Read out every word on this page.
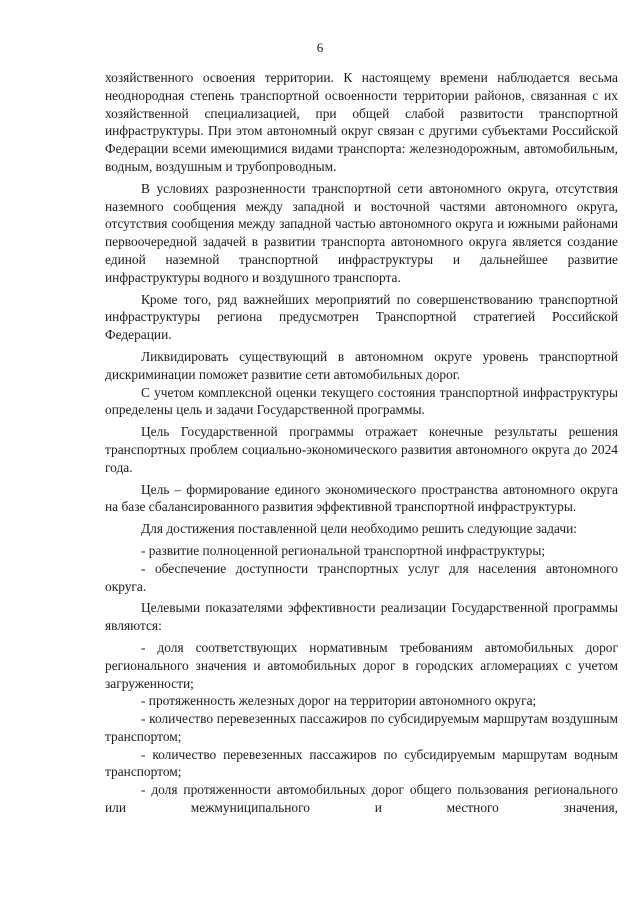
6

хозяйственного освоения территории. К настоящему времени наблюдается весьма неоднородная степень транспортной освоенности территории районов, связанная с их хозяйственной специализацией, при общей слабой развитости транспортной инфраструктуры. При этом автономный округ связан с другими субъектами Российской Федерации всеми имеющимися видами транспорта: железнодорожным, автомобильным, водным, воздушным и трубопроводным.

В условиях разрозненности транспортной сети автономного округа, отсутствия наземного сообщения между западной и восточной частями автономного округа, отсутствия сообщения между западной частью автономного округа и южными районами первоочередной задачей в развитии транспорта автономного округа является создание единой наземной транспортной инфраструктуры и дальнейшее развитие инфраструктуры водного и воздушного транспорта.

Кроме того, ряд важнейших мероприятий по совершенствованию транспортной инфраструктуры региона предусмотрен Транспортной стратегией Российской Федерации.

Ликвидировать существующий в автономном округе уровень транспортной дискриминации поможет развитие сети автомобильных дорог.

С учетом комплексной оценки текущего состояния транспортной инфраструктуры определены цель и задачи Государственной программы.

Цель Государственной программы отражает конечные результаты решения транспортных проблем социально-экономического развития автономного округа до 2024 года.

Цель – формирование единого экономического пространства автономного округа на базе сбалансированного развития эффективной транспортной инфраструктуры.

Для достижения поставленной цели необходимо решить следующие задачи:

- развитие полноценной региональной транспортной инфраструктуры;

- обеспечение доступности транспортных услуг для населения автономного округа.

Целевыми показателями эффективности реализации Государственной программы являются:

- доля соответствующих нормативным требованиям автомобильных дорог регионального значения и автомобильных дорог в городских агломерациях с учетом загруженности;

- протяженность железных дорог на территории автономного округа;

- количество перевезенных пассажиров по субсидируемым маршрутам воздушным транспортом;

- количество перевезенных пассажиров по субсидируемым маршрутам водным транспортом;

- доля протяженности автомобильных дорог общего пользования регионального или межмуниципального и местного значения,
